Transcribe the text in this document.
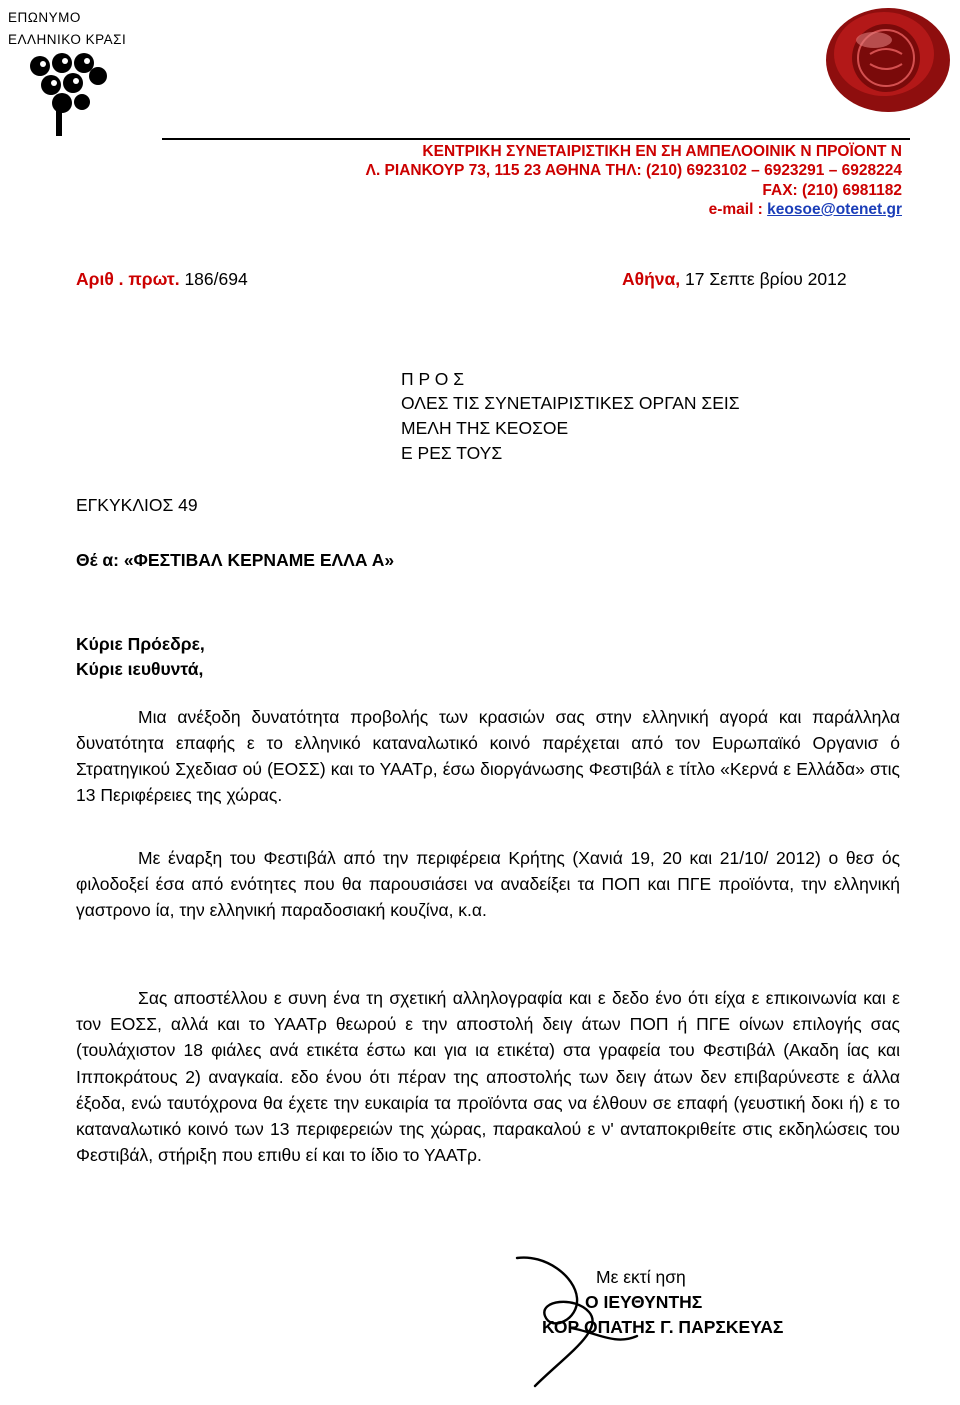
ΕΠΩΝΥΜΟ
ΕΛΛΗΝΙΚΟ ΚΡΑΣΙ
ΚΕΝΤΡΙΚΗ ΣΥΝΕΤΑΙΡΙΣΤΙΚΗ ΕΝ ΣΗ ΑΜΠΕΛΟΟΙΝΙΚ Ν ΠΡΟΪΟΝΤ Ν
Λ. ΡΙΑΝΚΟΥΡ 73, 115 23 ΑΘΗΝΑ ΤΗΛ: (210) 6923102 – 6923291 – 6928224
FAX: (210) 6981182
e-mail : keosoe@otenet.gr
Αριθ . πρωτ. 186/694	Αθήνα, 17 Σεπτε βρίου 2012
Π Ρ Ο Σ
ΟΛΕΣ ΤΙΣ ΣΥΝΕΤΑΙΡΙΣΤΙΚΕΣ ΟΡΓΑΝ ΣΕΙΣ
ΜΕΛΗ ΤΗΣ ΚΕΟΣΟΕ
Ε ΡΕΣ ΤΟΥΣ
ΕΓΚΥΚΛΙΟΣ 49
Θέ α: «ΦΕΣΤΙΒΑΛ ΚΕΡΝΑΜΕ ΕΛΛΑ Α»
Κύριε Πρόεδρε,
Κύριε ιευθυντά,
Μια ανέξοδη δυνατότητα προβολής των κρασιών σας στην ελληνική αγορά και παράλληλα δυνατότητα επαφής ε το ελληνικό καταναλωτικό κοινό παρέχεται από τον Ευρωπαϊκό Οργανισ ό Στρατηγικού Σχεδιασ ού (ΕΟΣΣ) και το ΥΑΑΤρ, έσω διοργάνωσης Φεστιβάλ ε τίτλο «Κερνά ε Ελλάδα» στις 13 Περιφέρειες της χώρας.
Με έναρξη του Φεστιβάλ από την περιφέρεια Κρήτης (Χανιά 19, 20 και 21/10/ 2012) ο θεσ ός φιλοδοξεί έσα από ενότητες που θα παρουσιάσει να αναδείξει τα ΠΟΠ και ΠΓΕ προϊόντα, την ελληνική γαστρονο ία, την ελληνική παραδοσιακή κουζίνα, κ.α.
Σας αποστέλλου ε συνη ένα τη σχετική αλληλογραφία και ε δεδο ένο ότι είχα ε επικοινωνία και ε τον ΕΟΣΣ, αλλά και το ΥΑΑΤρ θεωρού ε την αποστολή δειγ άτων ΠΟΠ ή ΠΓΕ οίνων επιλογής σας (τουλάχιστον 18 φιάλες ανά ετικέτα έστω και για ια ετικέτα) στα γραφεία του Φεστιβάλ (Ακαδη ίας και Ιπποκράτους 2) αναγκαία. εδο ένου ότι πέραν της αποστολής των δειγ άτων δεν επιβαρύνεστε ε άλλα έξοδα, ενώ ταυτόχρονα θα έχετε την ευκαιρία τα προϊόντα σας να έλθουν σε επαφή (γευστική δοκι ή) ε το καταναλωτικό κοινό των 13 περιφερειών της χώρας, παρακαλού ε ν' ανταποκριθείτε στις εκδηλώσεις του Φεστιβάλ, στήριξη που επιθυ εί και το ίδιο το ΥΑΑΤρ.
Με εκτί ηση
Ο ΙΕΥΘΥΝΤΗΣ
ΚΟΡ ΟΠΑΤΗΣ Γ. ΠΑΡΣΚΕΥΑΣ
